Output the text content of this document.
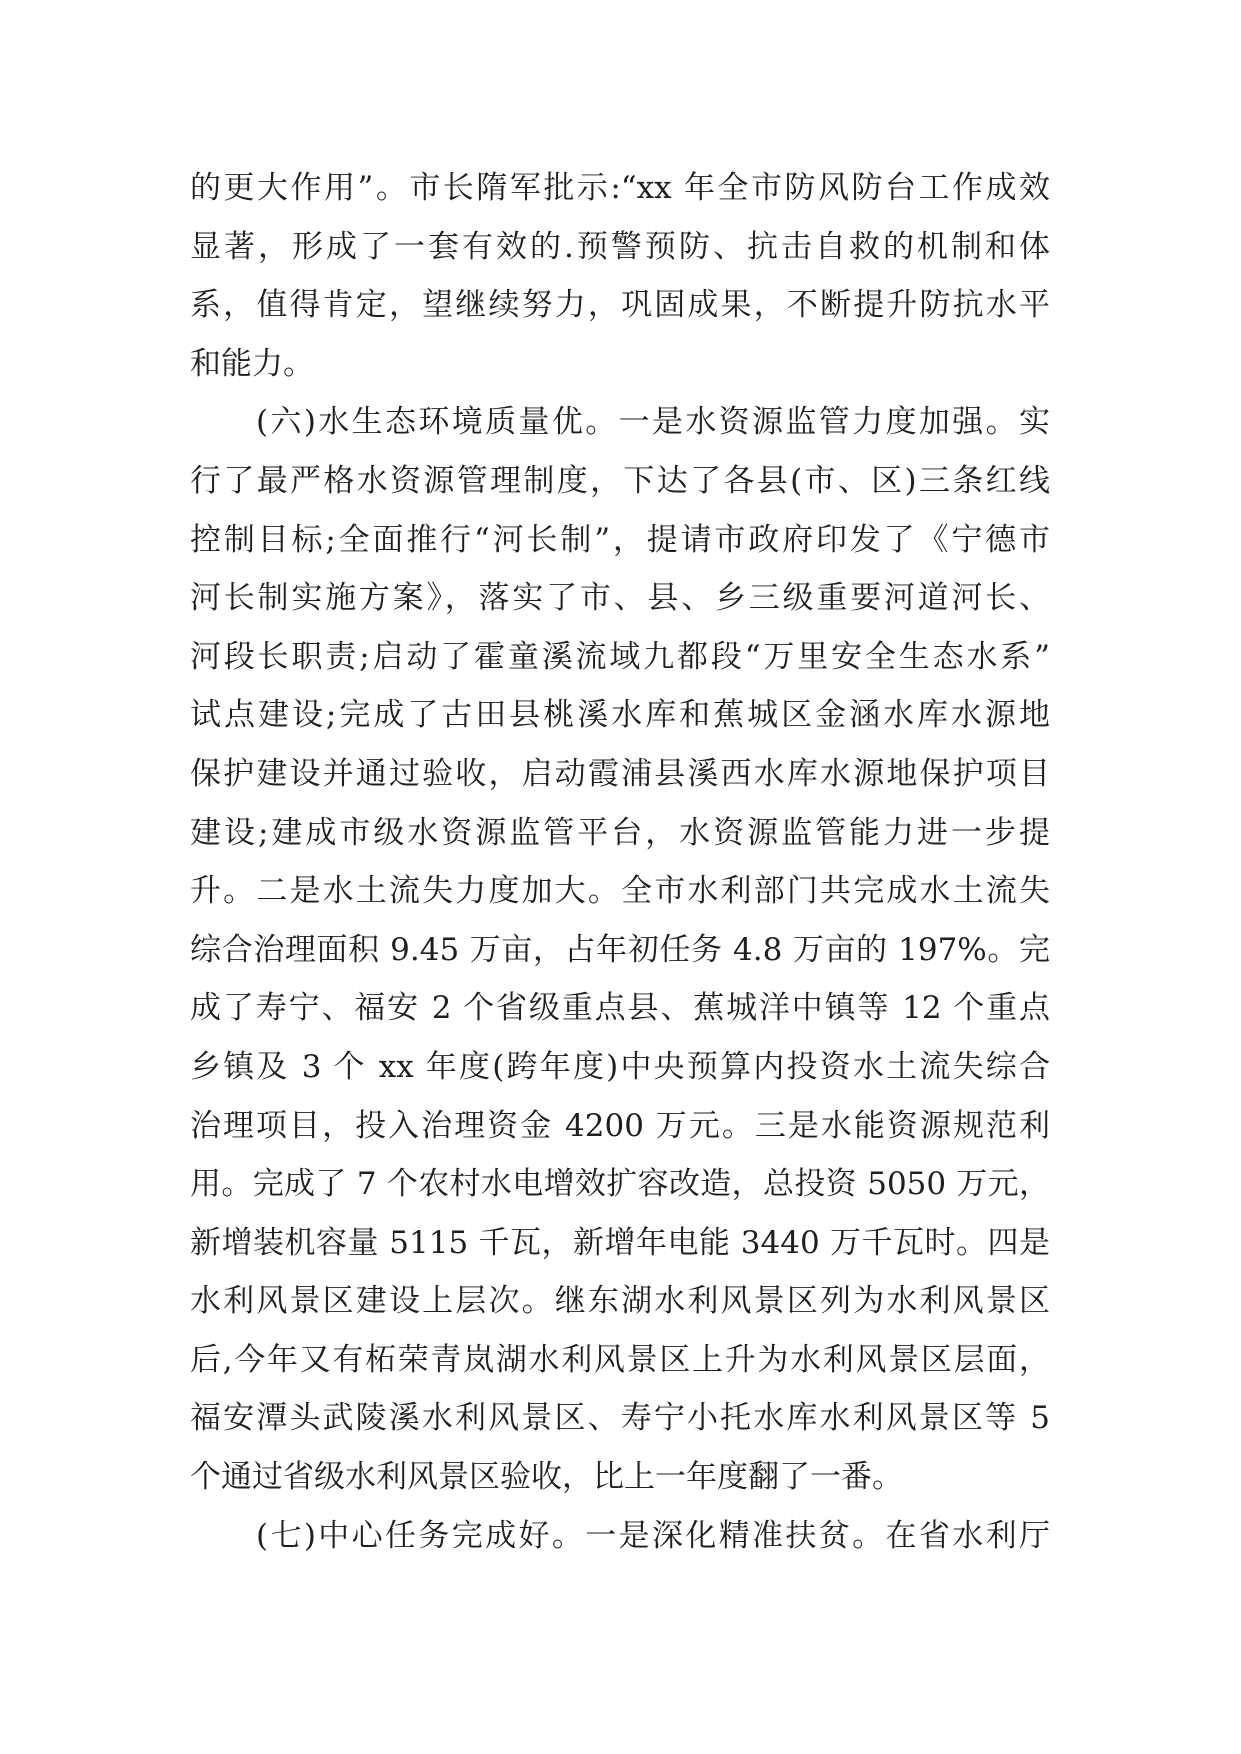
的更大作用”。市长隋军批示:“xx 年全市防风防台工作成效
显著，形成了一套有效的.预警预防、抗击自救的机制和体
系，值得肯定，望继续努力，巩固成果，不断提升防抗水平
和能力。
(六)水生态环境质量优。一是水资源监管力度加强。实
行了最严格水资源管理制度，下达了各县(市、区)三条红线
控制目标;全面推行“河长制”，提请市政府印发了《宁德市
河长制实施方案》，落实了市、县、乡三级重要河道河长、
河段长职责;启动了霍童溪流域九都段“万里安全生态水系”
试点建设;完成了古田县桃溪水库和蕉城区金涵水库水源地
保护建设并通过验收，启动霞浦县溪西水库水源地保护项目
建设;建成市级水资源监管平台，水资源监管能力进一步提
升。二是水土流失力度加大。全市水利部门共完成水土流失
综合治理面积 9.45 万亩，占年初任务 4.8 万亩的 197%。完
成了寿宁、福安 2 个省级重点县、蕉城洋中镇等 12 个重点
乡镇及 3 个 xx 年度(跨年度)中央预算内投资水土流失综合
治理项目，投入治理资金 4200 万元。三是水能资源规范利
用。完成了 7 个农村水电增效扩容改造，总投资 5050 万元，
新增装机容量 5115 千瓦，新增年电能 3440 万千瓦时。四是
水利风景区建设上层次。继东湖水利风景区列为水利风景区
后,今年又有柘荣青岚湖水利风景区上升为水利风景区层面，
福安潭头武陵溪水利风景区、寿宁小托水库水利风景区等 5
个通过省级水利风景区验收，比上一年度翻了一番。
(七)中心任务完成好。一是深化精准扶贫。在省水利厅
